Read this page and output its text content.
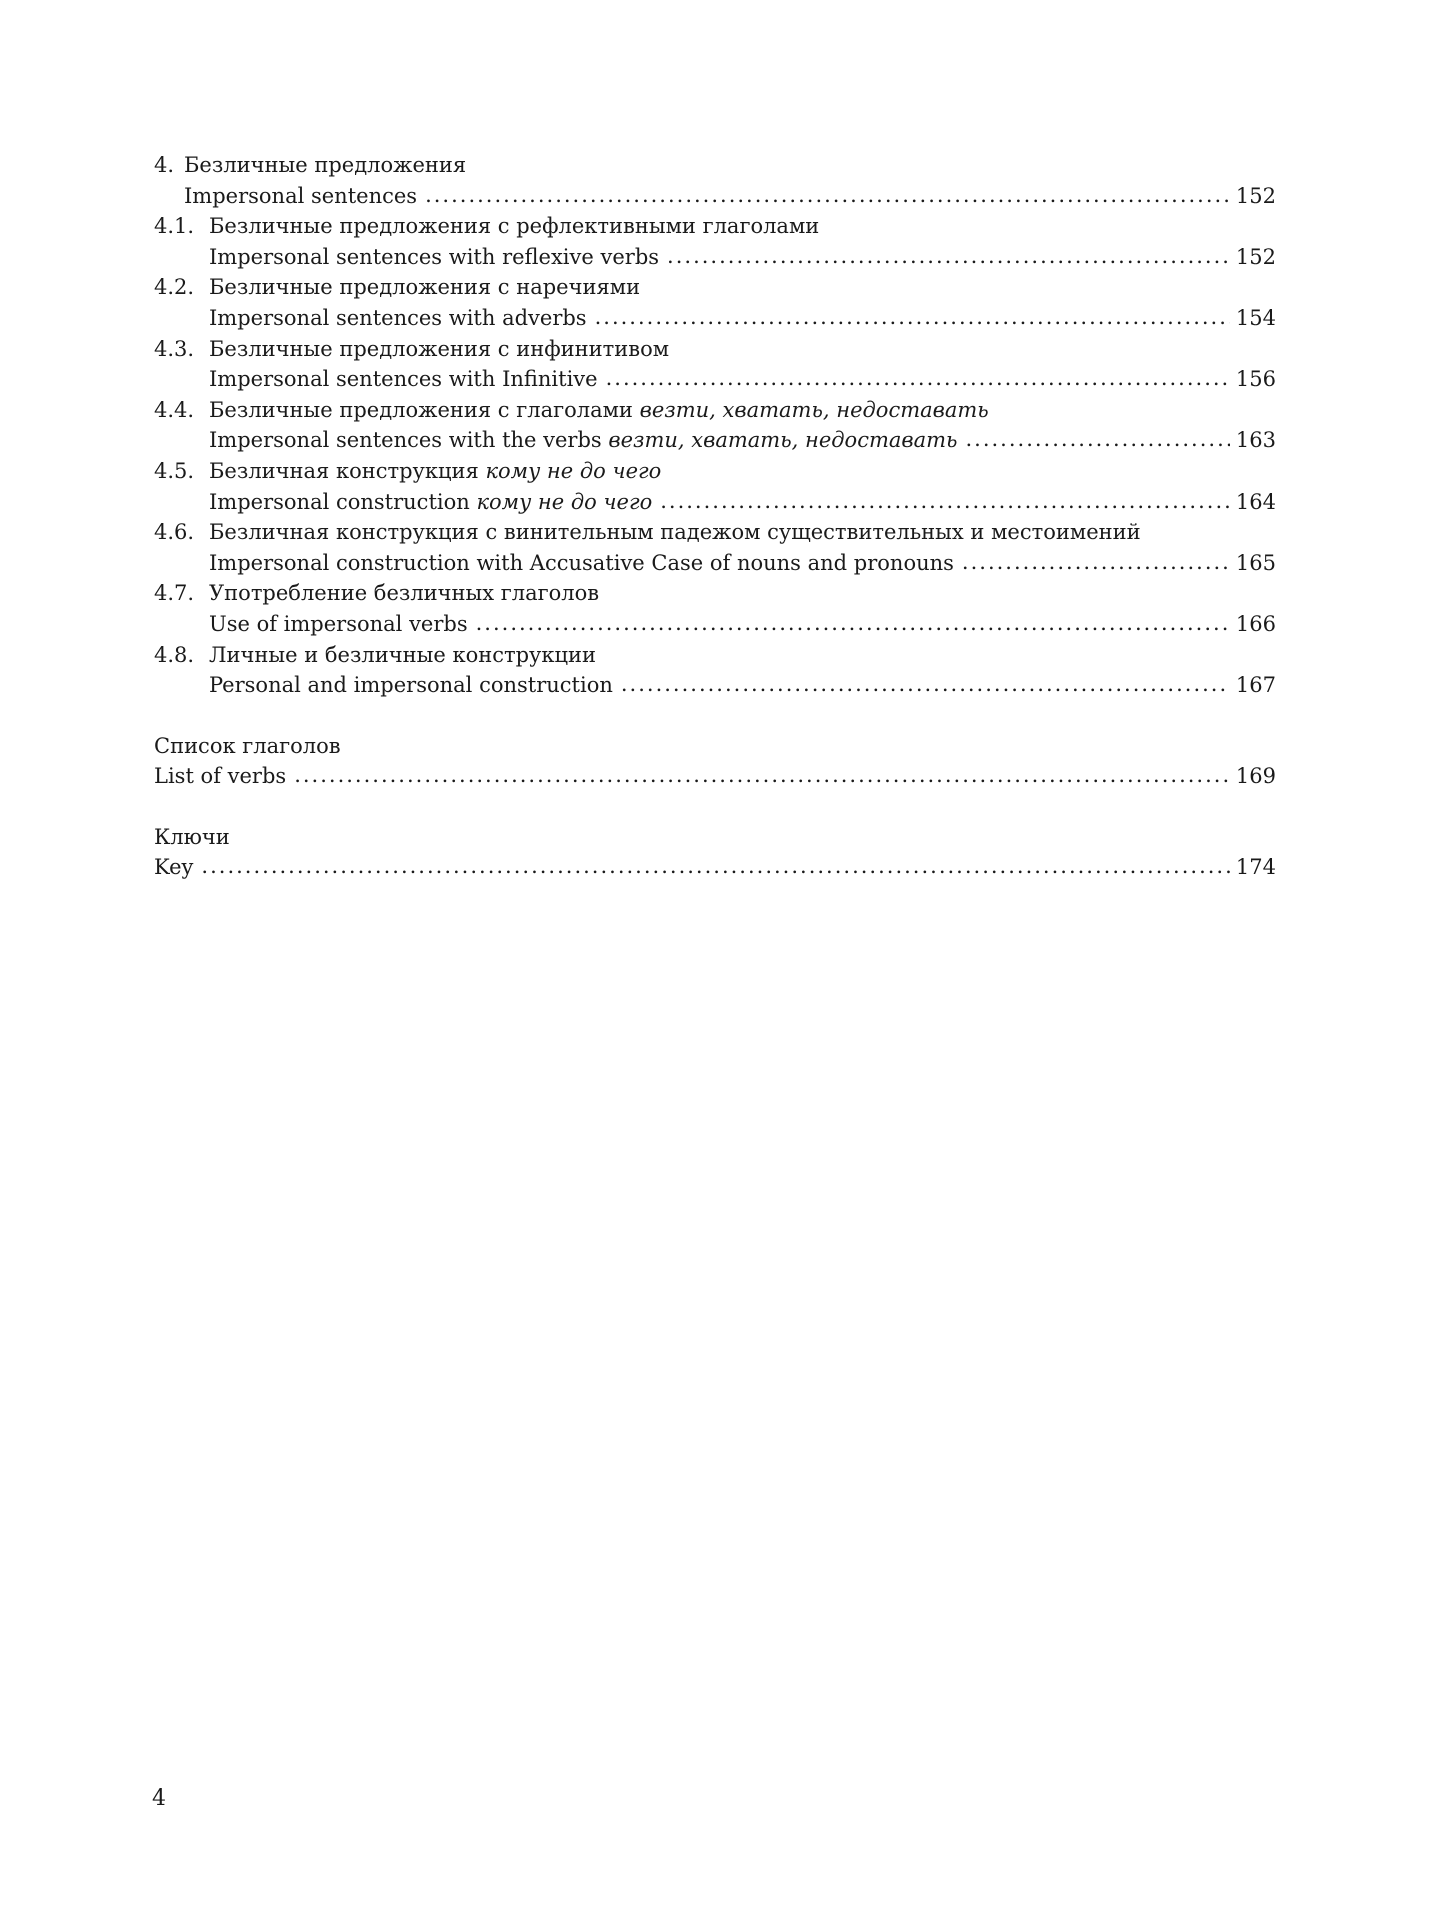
4. Безличные предложения
Impersonal sentences .....	152
4.1. Безличные предложения с рефлективными глаголами
Impersonal sentences with reflexive verbs .....	152
4.2. Безличные предложения с наречиями
Impersonal sentences with adverbs .....	154
4.3. Безличные предложения с инфинитивом
Impersonal sentences with Infinitive .....	156
4.4. Безличные предложения с глаголами везти, хватать, недоставать
Impersonal sentences with the verbs везти, хватать, недоставать .....	163
4.5. Безличная конструкция кому не до чего
Impersonal construction кому не до чего .....	164
4.6. Безличная конструкция с винительным падежом существительных и местоимений
Impersonal construction with Accusative Case of nouns and pronouns .....	165
4.7. Употребление безличных глаголов
Use of impersonal verbs .....	166
4.8. Личные и безличные конструкции
Personal and impersonal construction .....	167
Список глаголов
List of verbs .....	169
Ключи
Key .....	174
4
